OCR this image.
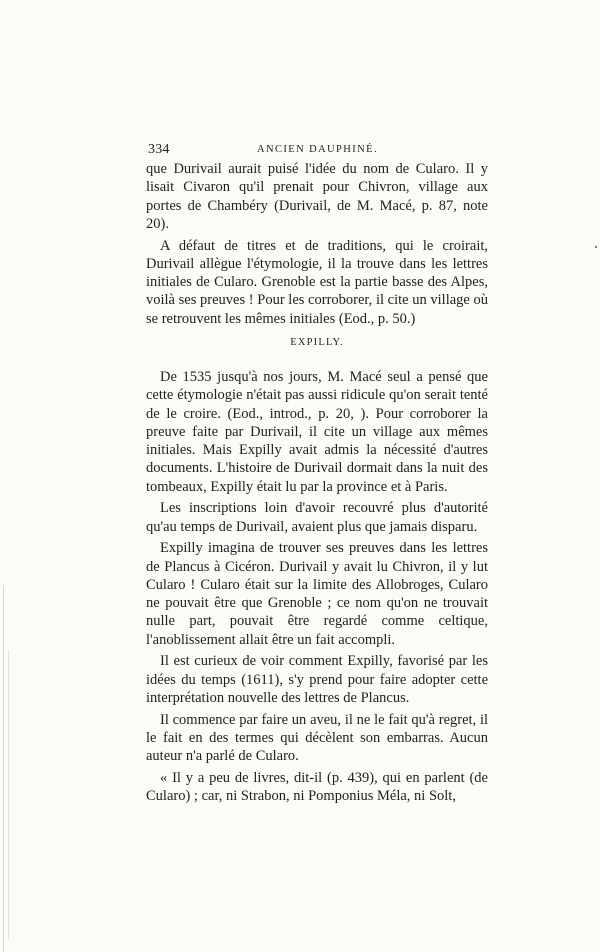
334	ANCIEN DAUPHINÉ.

que Durivail aurait puisé l'idée du nom de Cularo. Il y lisait Civaron qu'il prenait pour Chivron, village aux portes de Chambéry (Durivail, de M. Macé, p. 87, note 20).

A défaut de titres et de traditions, qui le croirait, Durivail allègue l'étymologie, il la trouve dans les lettres initiales de Cularo. Grenoble est la partie basse des Alpes, voilà ses preuves ! Pour les corroborer, il cite un village où se retrouvent les mêmes initiales (Eod., p. 50.)

EXPILLY.

De 1535 jusqu'à nos jours, M. Macé seul a pensé que cette étymologie n'était pas aussi ridicule qu'on serait tenté de le croire. (Eod., introd., p. 20, ). Pour corroborer la preuve faite par Durivail, il cite un village aux mêmes initiales. Mais Expilly avait admis la nécessité d'autres documents. L'histoire de Durivail dormait dans la nuit des tombeaux, Expilly était lu par la province et à Paris.

Les inscriptions loin d'avoir recouvré plus d'autorité qu'au temps de Durivail, avaient plus que jamais disparu.

Expilly imagina de trouver ses preuves dans les lettres de Plancus à Cicéron. Durivail y avait lu Chivron, il y lut Cularo ! Cularo était sur la limite des Allobroges, Cularo ne pouvait être que Grenoble ; ce nom qu'on ne trouvait nulle part, pouvait être regardé comme celtique, l'anoblissement allait être un fait accompli.

Il est curieux de voir comment Expilly, favorisé par les idées du temps (1611), s'y prend pour faire adopter cette interprétation nouvelle des lettres de Plancus.

Il commence par faire un aveu, il ne le fait qu'à regret, il le fait en des termes qui décèlent son embarras. Aucun auteur n'a parlé de Cularo.

« Il y a peu de livres, dit-il (p. 439), qui en parlent (de Cularo) ; car, ni Strabon, ni Pomponius Méla, ni Solt,
